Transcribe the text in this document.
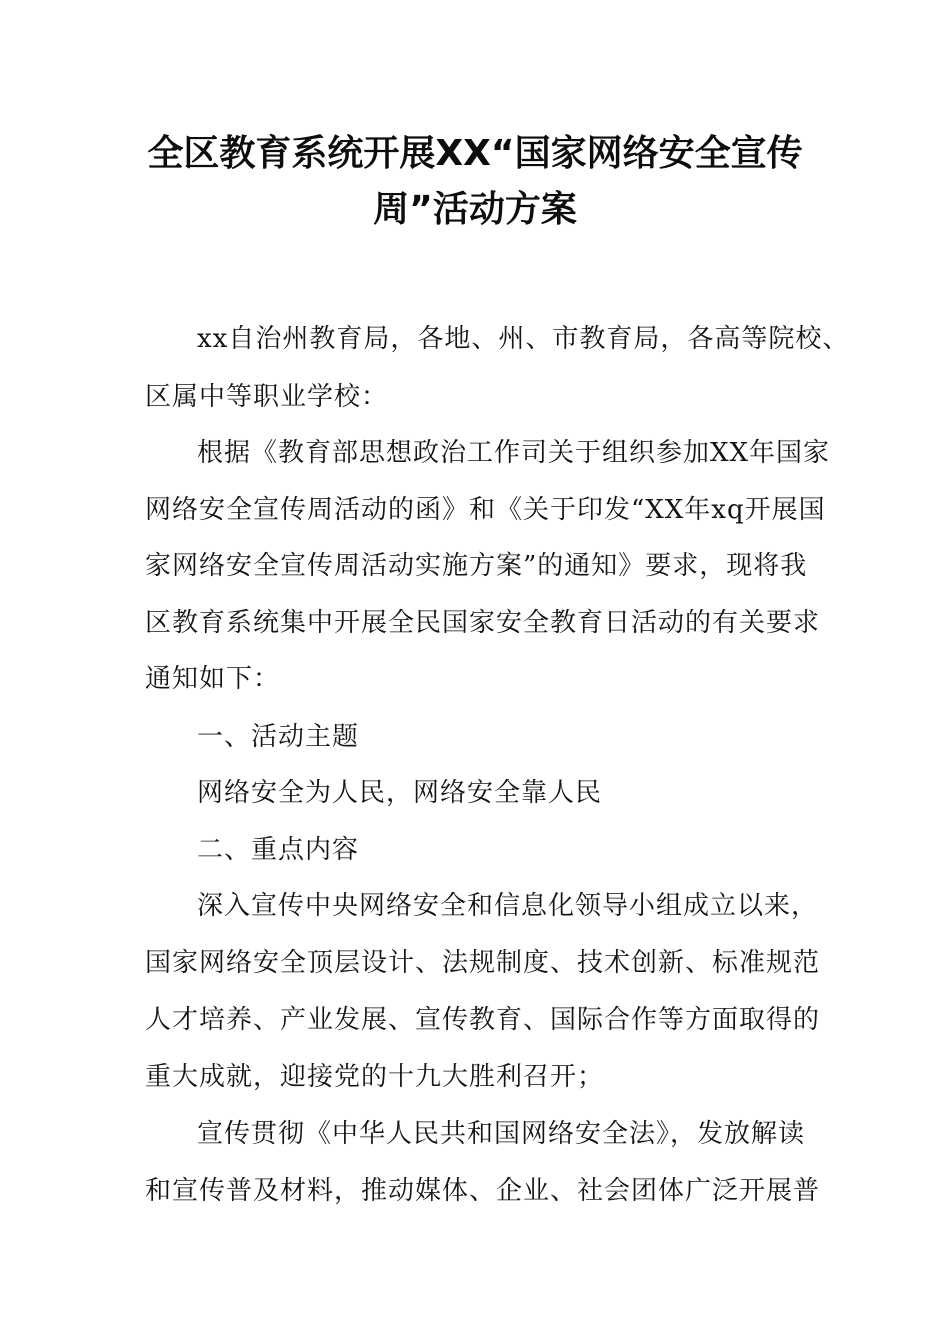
全区教育系统开展XX“国家网络安全宣传
周”活动方案
xx自治州教育局，各地、州、市教育局，各高等院校、
区属中等职业学校：
根据《教育部思想政治工作司关于组织参加XX年国家
网络安全宣传周活动的函》和《关于印发“XX年xq开展国
家网络安全宣传周活动实施方案”的通知》要求，现将我
区教育系统集中开展全民国家安全教育日活动的有关要求
通知如下：
一、活动主题
网络安全为人民，网络安全靠人民
二、重点内容
深入宣传中央网络安全和信息化领导小组成立以来，
国家网络安全顶层设计、法规制度、技术创新、标准规范
人才培养、产业发展、宣传教育、国际合作等方面取得的
重大成就，迎接党的十九大胜利召开；
宣传贯彻《中华人民共和国网络安全法》，发放解读
和宣传普及材料，推动媒体、企业、社会团体广泛开展普
